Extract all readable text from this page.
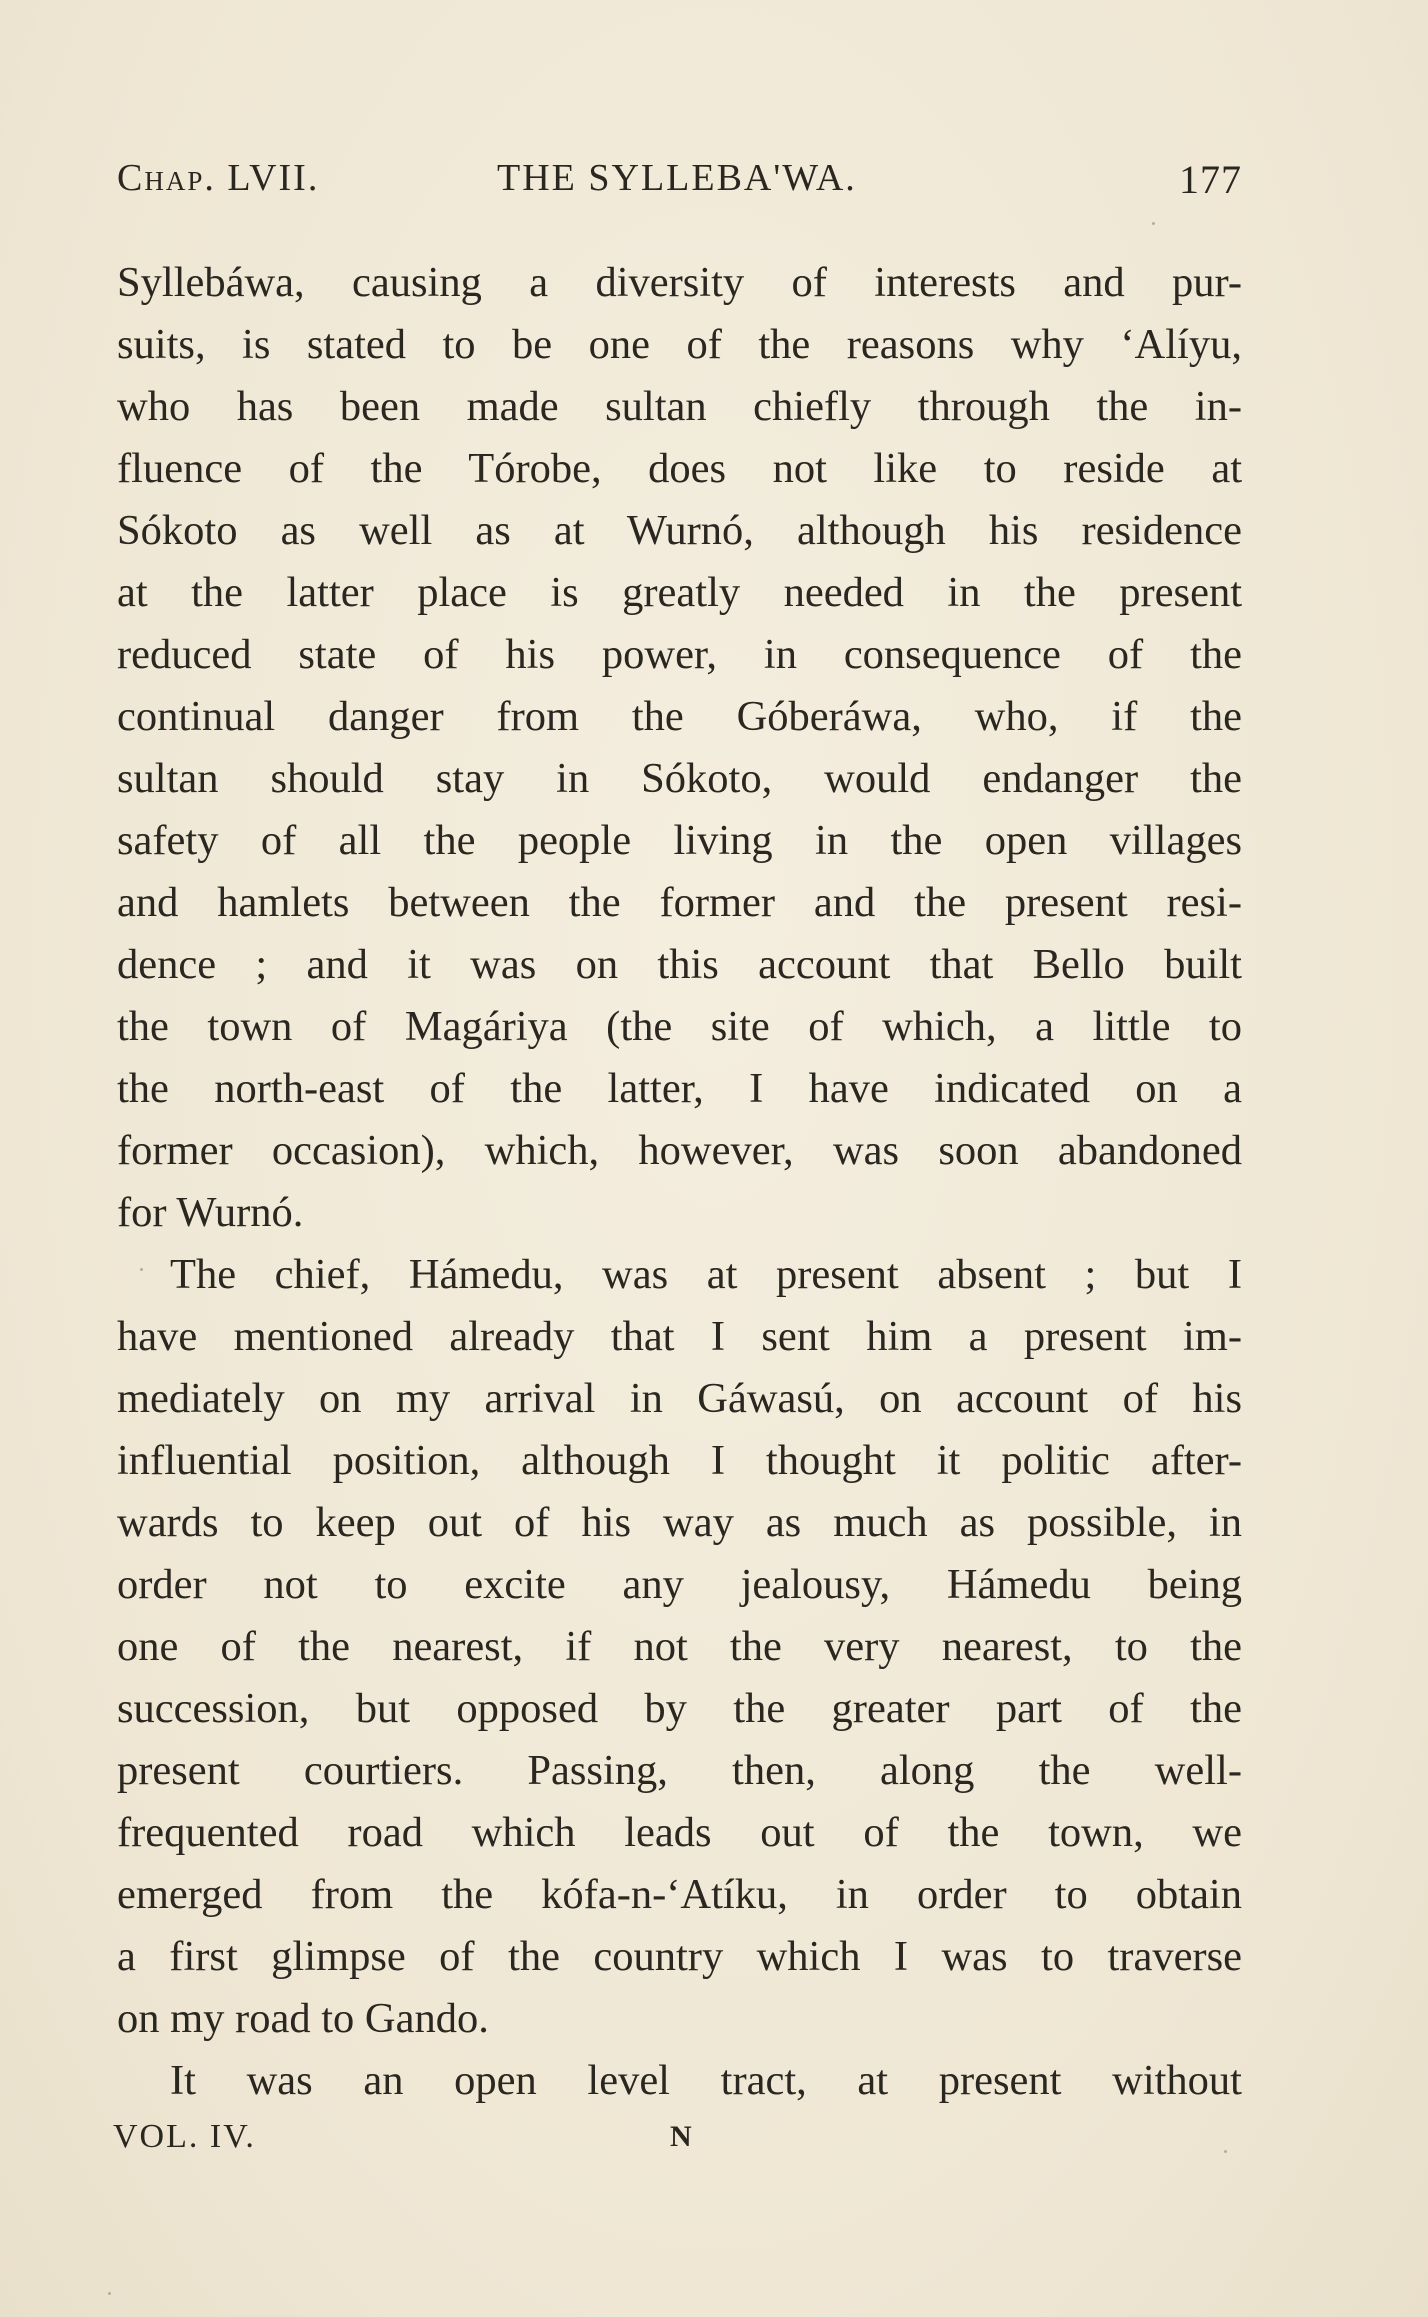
Chap. LVII.	THE SYLLEBA'WA.	177
Syllebáwa, causing a diversity of interests and pur-
suits, is stated to be one of the reasons why ʻAlíyu,
who has been made sultan chiefly through the in-
fluence of the Tórobe, does not like to reside at
Sókoto as well as at Wurnó, although his residence
at the latter place is greatly needed in the present
reduced state of his power, in consequence of the
continual danger from the Góberáwa, who, if the
sultan should stay in Sókoto, would endanger the
safety of all the people living in the open villages
and hamlets between the former and the present resi-
dence ; and it was on this account that Bello built
the town of Magáriya (the site of which, a little to
the north-east of the latter, I have indicated on a
former occasion), which, however, was soon abandoned
for Wurnó.
The chief, Hámedu, was at present absent ; but I
have mentioned already that I sent him a present im-
mediately on my arrival in Gáwasú, on account of his
influential position, although I thought it politic after-
wards to keep out of his way as much as possible, in
order not to excite any jealousy, Hámedu being
one of the nearest, if not the very nearest, to the
succession, but opposed by the greater part of the
present courtiers. Passing, then, along the well-
frequented road which leads out of the town, we
emerged from the kófa-n-ʻAtíku, in order to obtain
a first glimpse of the country which I was to traverse
on my road to Gando.
It was an open level tract, at present without
VOL. IV.	N
